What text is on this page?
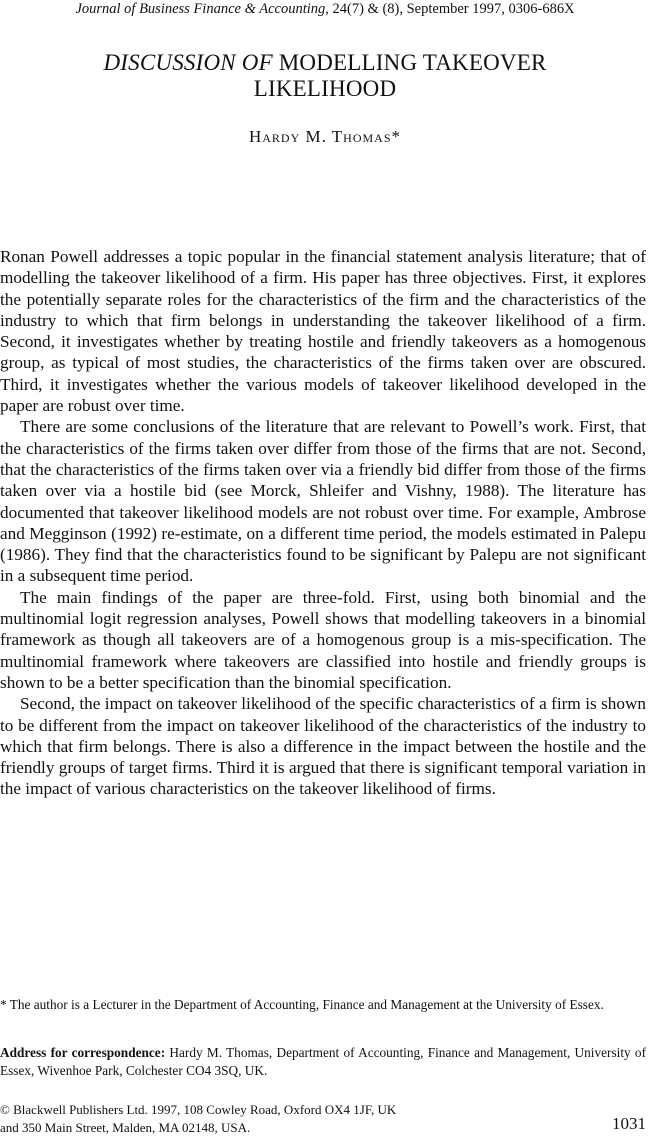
Journal of Business Finance & Accounting, 24(7) & (8), September 1997, 0306-686X
DISCUSSION OF MODELLING TAKEOVER
LIKELIHOOD
Hardy M. Thomas*

Ronan Powell addresses a topic popular in the financial statement analysis literature; that of modelling the takeover likelihood of a firm. His paper has three objectives. First, it explores the potentially separate roles for the characteristics of the firm and the characteristics of the industry to which that firm belongs in understanding the takeover likelihood of a firm. Second, it investigates whether by treating hostile and friendly takeovers as a homogenous group, as typical of most studies, the characteristics of the firms taken over are obscured. Third, it investigates whether the various models of takeover likelihood developed in the paper are robust over time.

There are some conclusions of the literature that are relevant to Powell’s work. First, that the characteristics of the firms taken over differ from those of the firms that are not. Second, that the characteristics of the firms taken over via a friendly bid differ from those of the firms taken over via a hostile bid (see Morck, Shleifer and Vishny, 1988). The literature has documented that takeover likelihood models are not robust over time. For example, Ambrose and Megginson (1992) re-estimate, on a different time period, the models estimated in Palepu (1986). They find that the characteristics found to be significant by Palepu are not significant in a subsequent time period.

The main findings of the paper are three-fold. First, using both binomial and the multinomial logit regression analyses, Powell shows that modelling takeovers in a binomial framework as though all takeovers are of a homogenous group is a mis-specification. The multinomial framework where takeovers are classified into hostile and friendly groups is shown to be a better specification than the binomial specification.

Second, the impact on takeover likelihood of the specific characteristics of a firm is shown to be different from the impact on takeover likelihood of the characteristics of the industry to which that firm belongs. There is also a difference in the impact between the hostile and the friendly groups of target firms. Third it is argued that there is significant temporal variation in the impact of various characteristics on the takeover likelihood of firms.

* The author is a Lecturer in the Department of Accounting, Finance and Management at the University of Essex.
Address for correspondence: Hardy M. Thomas, Department of Accounting, Finance and Management, University of Essex, Wivenhoe Park, Colchester CO4 3SQ, UK.
© Blackwell Publishers Ltd. 1997, 108 Cowley Road, Oxford OX4 1JF, UK
and 350 Main Street, Malden, MA 02148, USA.	1031
